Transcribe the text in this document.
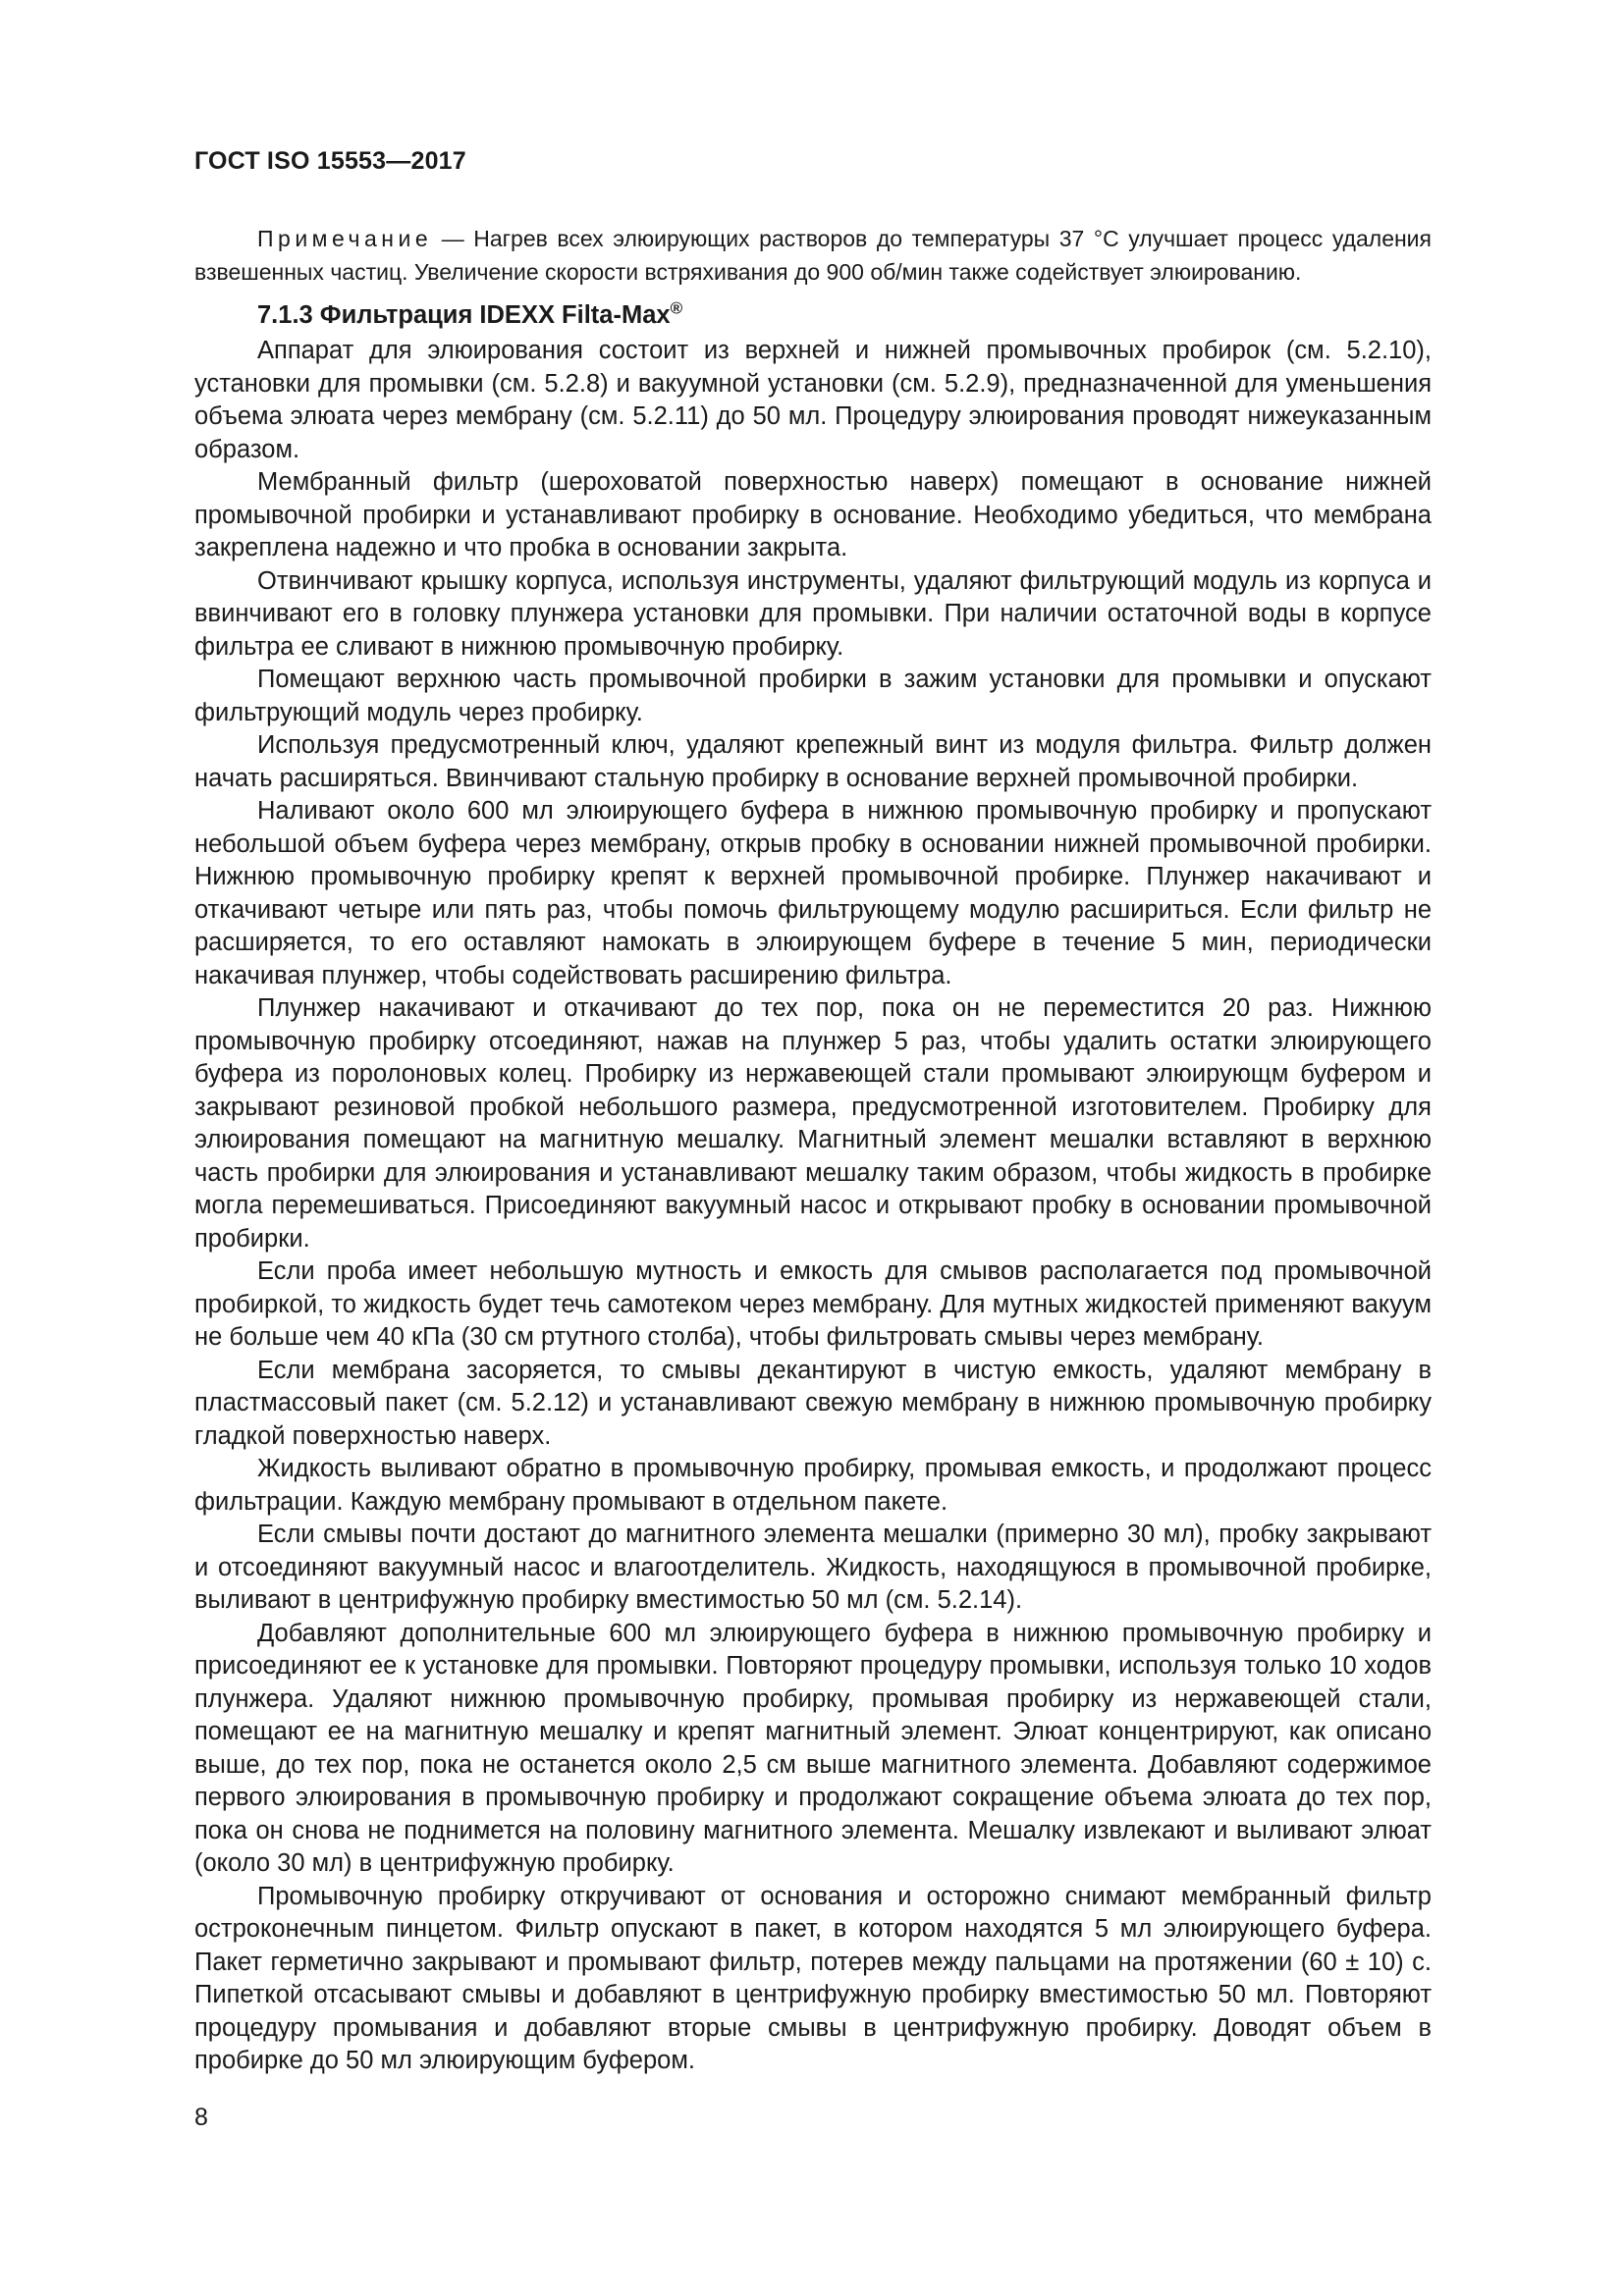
ГОСТ ISO 15553—2017
Примечание — Нагрев всех элюирующих растворов до температуры 37 °С улучшает процесс удаления взвешенных частиц. Увеличение скорости встряхивания до 900 об/мин также содействует элюированию.
7.1.3 Фильтрация IDEXX Filta-Max®

Аппарат для элюирования состоит из верхней и нижней промывочных пробирок (см. 5.2.10), установки для промывки (см. 5.2.8) и вакуумной установки (см. 5.2.9), предназначенной для уменьшения объема элюата через мембрану (см. 5.2.11) до 50 мл. Процедуру элюирования проводят нижеуказанным образом.

Мембранный фильтр (шероховатой поверхностью наверх) помещают в основание нижней промывочной пробирки и устанавливают пробирку в основание. Необходимо убедиться, что мембрана закреплена надежно и что пробка в основании закрыта.

Отвинчивают крышку корпуса, используя инструменты, удаляют фильтрующий модуль из корпуса и ввинчивают его в головку плунжера установки для промывки. При наличии остаточной воды в корпусе фильтра ее сливают в нижнюю промывочную пробирку.

Помещают верхнюю часть промывочной пробирки в зажим установки для промывки и опускают фильтрующий модуль через пробирку.

Используя предусмотренный ключ, удаляют крепежный винт из модуля фильтра. Фильтр должен начать расширяться. Ввинчивают стальную пробирку в основание верхней промывочной пробирки.

Наливают около 600 мл элюирующего буфера в нижнюю промывочную пробирку и пропускают небольшой объем буфера через мембрану, открыв пробку в основании нижней промывочной пробирки. Нижнюю промывочную пробирку крепят к верхней промывочной пробирке. Плунжер накачивают и откачивают четыре или пять раз, чтобы помочь фильтрующему модулю расшириться. Если фильтр не расширяется, то его оставляют намокать в элюирующем буфере в течение 5 мин, периодически накачивая плунжер, чтобы содействовать расширению фильтра.

Плунжер накачивают и откачивают до тех пор, пока он не переместится 20 раз. Нижнюю промывочную пробирку отсоединяют, нажав на плунжер 5 раз, чтобы удалить остатки элюирующего буфера из поролоновых колец. Пробирку из нержавеющей стали промывают элюирующм буфером и закрывают резиновой пробкой небольшого размера, предусмотренной изготовителем. Пробирку для элюирования помещают на магнитную мешалку. Магнитный элемент мешалки вставляют в верхнюю часть пробирки для элюирования и устанавливают мешалку таким образом, чтобы жидкость в пробирке могла перемешиваться. Присоединяют вакуумный насос и открывают пробку в основании промывочной пробирки.

Если проба имеет небольшую мутность и емкость для смывов располагается под промывочной пробиркой, то жидкость будет течь самотеком через мембрану. Для мутных жидкостей применяют вакуум не больше чем 40 кПа (30 см ртутного столба), чтобы фильтровать смывы через мембрану.

Если мембрана засоряется, то смывы декантируют в чистую емкость, удаляют мембрану в пластмассовый пакет (см. 5.2.12) и устанавливают свежую мембрану в нижнюю промывочную пробирку гладкой поверхностью наверх.

Жидкость выливают обратно в промывочную пробирку, промывая емкость, и продолжают процесс фильтрации. Каждую мембрану промывают в отдельном пакете.

Если смывы почти достают до магнитного элемента мешалки (примерно 30 мл), пробку закрывают и отсоединяют вакуумный насос и влагоотделитель. Жидкость, находящуюся в промывочной пробирке, выливают в центрифужную пробирку вместимостью 50 мл (см. 5.2.14).

Добавляют дополнительные 600 мл элюирующего буфера в нижнюю промывочную пробирку и присоединяют ее к установке для промывки. Повторяют процедуру промывки, используя только 10 ходов плунжера. Удаляют нижнюю промывочную пробирку, промывая пробирку из нержавеющей стали, помещают ее на магнитную мешалку и крепят магнитный элемент. Элюат концентрируют, как описано выше, до тех пор, пока не останется около 2,5 см выше магнитного элемента. Добавляют содержимое первого элюирования в промывочную пробирку и продолжают сокращение объема элюата до тех пор, пока он снова не поднимется на половину магнитного элемента. Мешалку извлекают и выливают элюат (около 30 мл) в центрифужную пробирку.

Промывочную пробирку откручивают от основания и осторожно снимают мембранный фильтр остроконечным пинцетом. Фильтр опускают в пакет, в котором находятся 5 мл элюирующего буфера. Пакет герметично закрывают и промывают фильтр, потерев между пальцами на протяжении (60 ± 10) с. Пипеткой отсасывают смывы и добавляют в центрифужную пробирку вместимостью 50 мл. Повторяют процедуру промывания и добавляют вторые смывы в центрифужную пробирку. Доводят объем в пробирке до 50 мл элюирующим буфером.

8
